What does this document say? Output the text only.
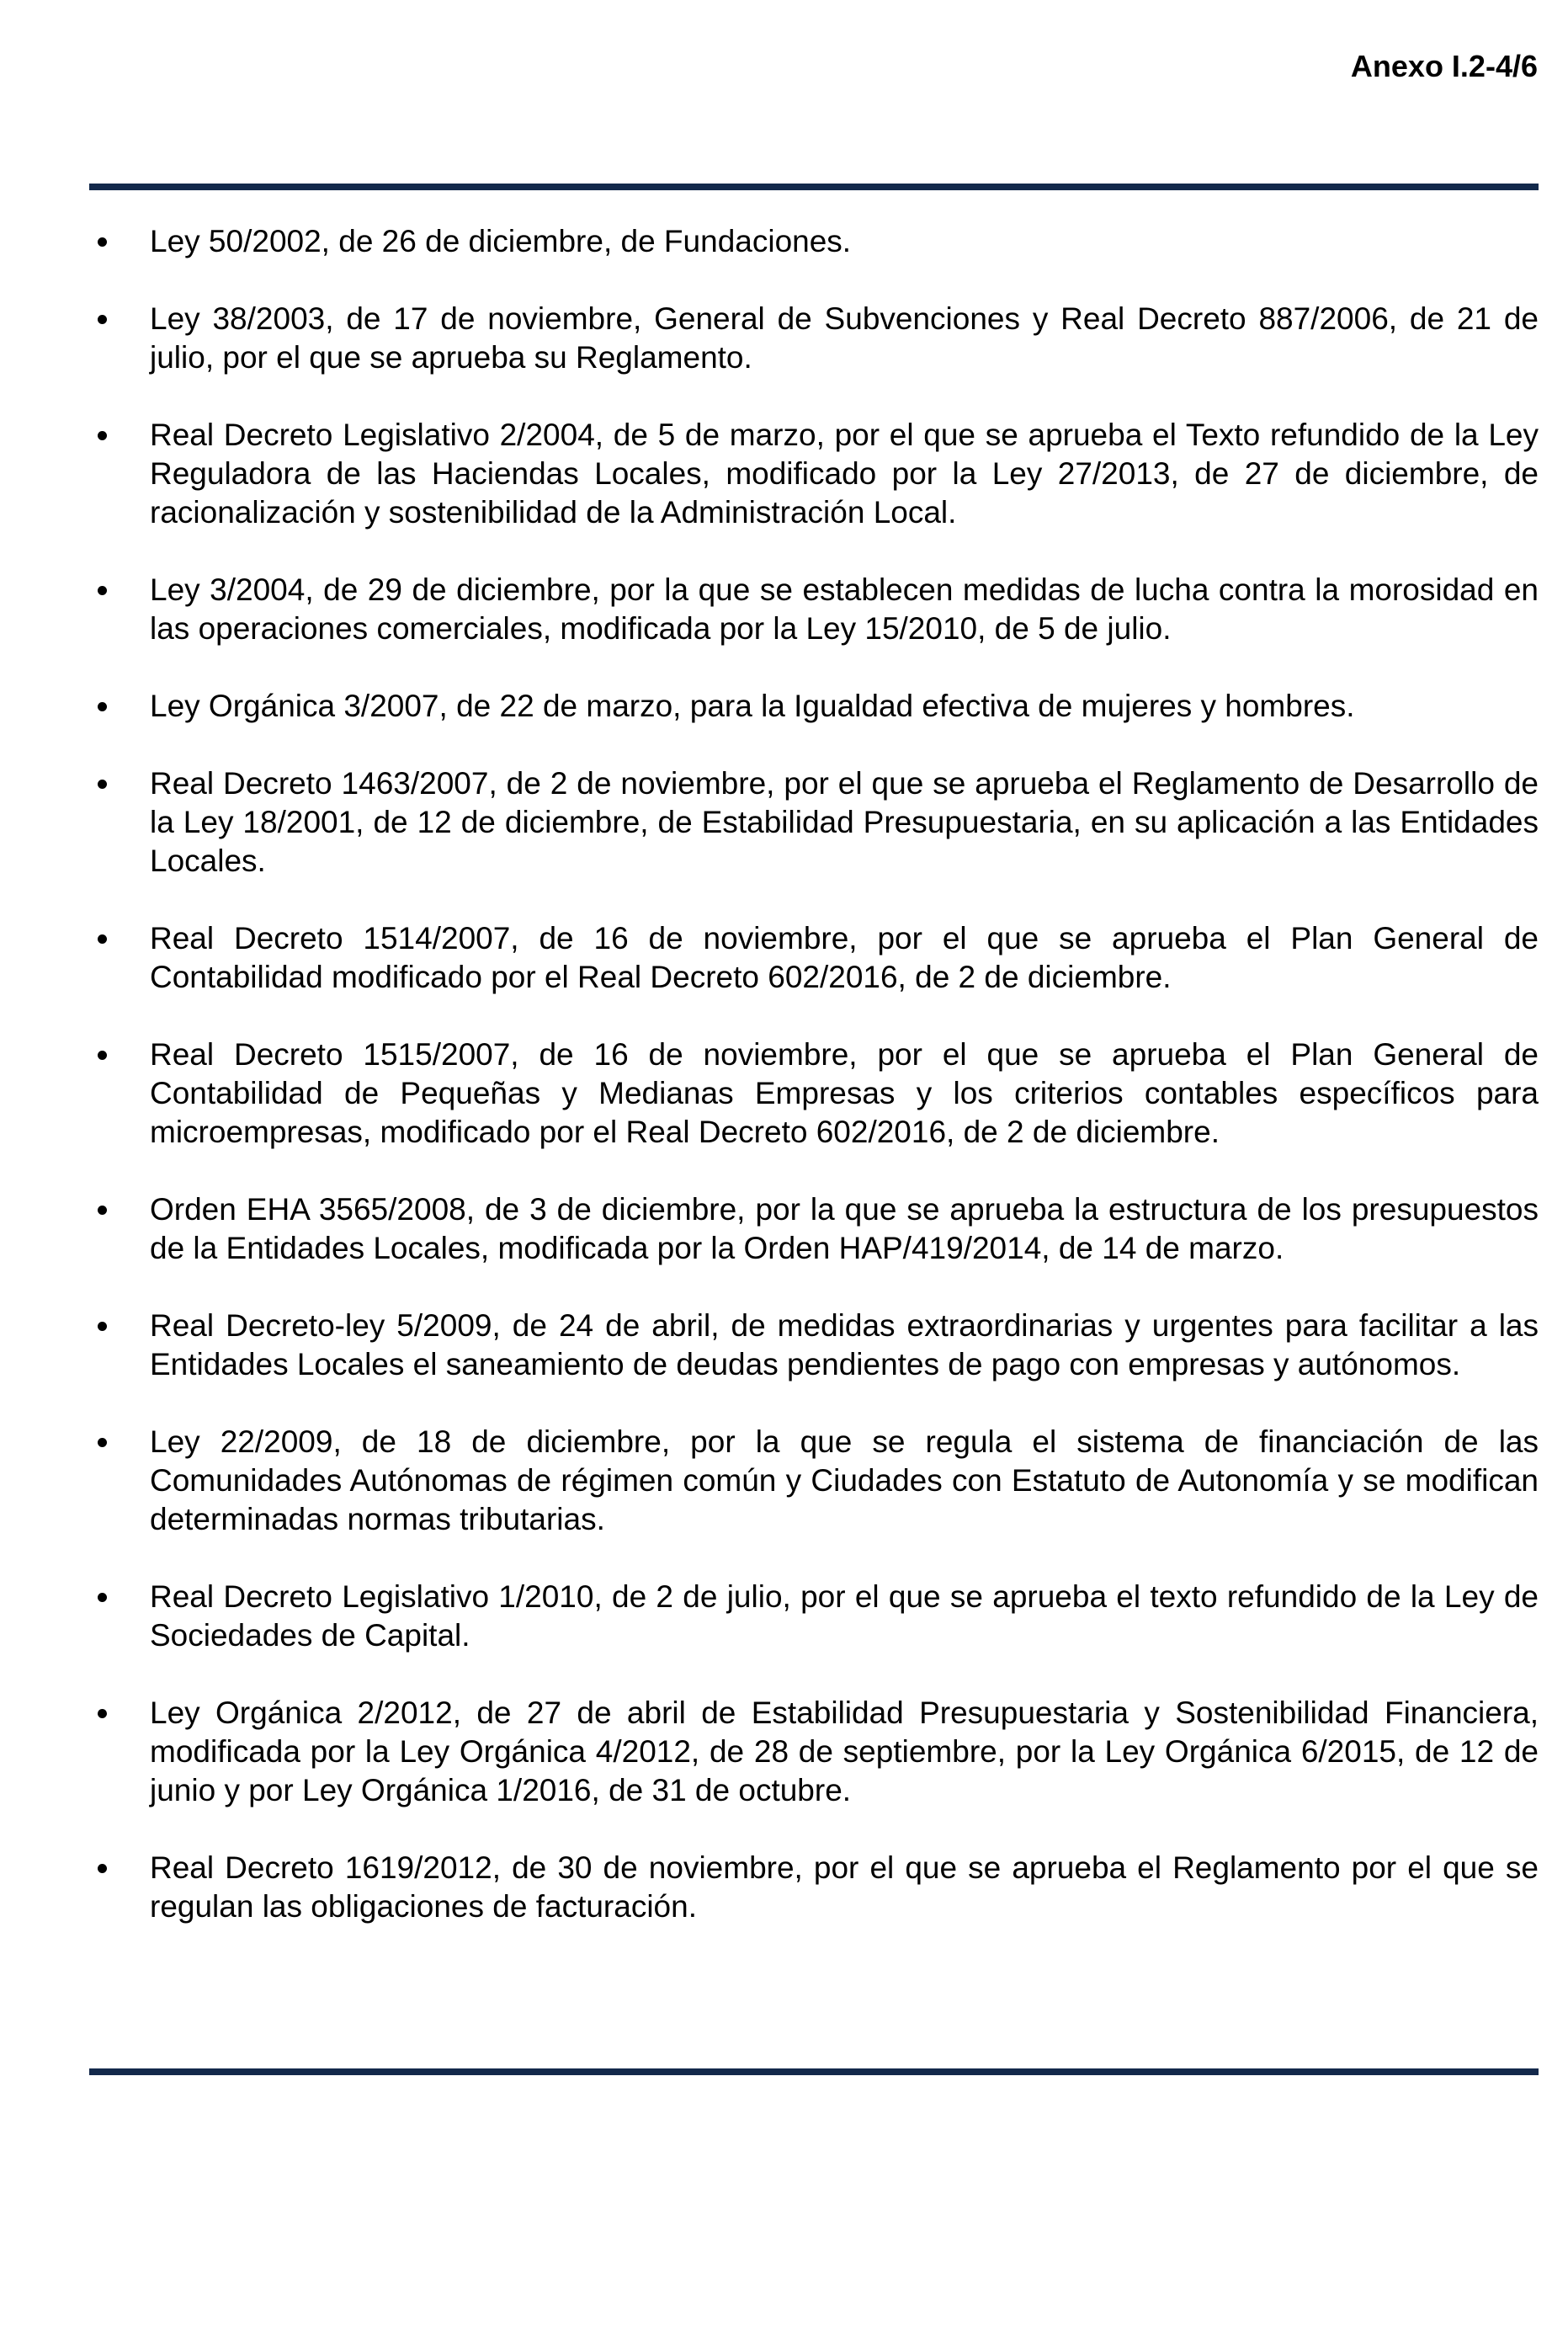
Anexo I.2-4/6
Ley 50/2002, de 26 de diciembre, de Fundaciones.
Ley 38/2003, de 17 de noviembre, General de Subvenciones y Real Decreto 887/2006, de 21 de julio, por el que se aprueba su Reglamento.
Real Decreto Legislativo 2/2004, de 5 de marzo, por el que se aprueba el Texto refundido de la Ley Reguladora de las Haciendas Locales, modificado por la Ley 27/2013, de 27 de diciembre, de racionalización y sostenibilidad de la Administración Local.
Ley 3/2004, de 29 de diciembre, por la que se establecen medidas de lucha contra la morosidad en las operaciones comerciales, modificada por la Ley 15/2010, de 5 de julio.
Ley Orgánica 3/2007, de 22 de marzo, para la Igualdad efectiva de mujeres y hombres.
Real Decreto 1463/2007, de 2 de noviembre, por el que se aprueba el Reglamento de Desarrollo de la Ley 18/2001, de 12 de diciembre, de Estabilidad Presupuestaria, en su aplicación a las Entidades Locales.
Real Decreto 1514/2007, de 16 de noviembre, por el que se aprueba el Plan General de Contabilidad modificado por el Real Decreto 602/2016, de 2 de diciembre.
Real Decreto 1515/2007, de 16 de noviembre, por el que se aprueba el Plan General de Contabilidad de Pequeñas y Medianas Empresas y los criterios contables específicos para microempresas, modificado por el Real Decreto 602/2016, de 2 de diciembre.
Orden EHA 3565/2008, de 3 de diciembre, por la que se aprueba la estructura de los presupuestos de la Entidades Locales, modificada por la Orden HAP/419/2014, de 14 de marzo.
Real Decreto-ley 5/2009, de 24 de abril, de medidas extraordinarias y urgentes para facilitar a las Entidades Locales el saneamiento de deudas pendientes de pago con empresas y autónomos.
Ley 22/2009, de 18 de diciembre, por la que se regula el sistema de financiación de las Comunidades Autónomas de régimen común y Ciudades con Estatuto de Autonomía y se modifican determinadas normas tributarias.
Real Decreto Legislativo 1/2010, de 2 de julio, por el que se aprueba el texto refundido de la Ley de Sociedades de Capital.
Ley Orgánica 2/2012, de 27 de abril de Estabilidad Presupuestaria y Sostenibilidad Financiera, modificada por la Ley Orgánica 4/2012, de 28 de septiembre, por la Ley Orgánica 6/2015, de 12 de junio y por Ley Orgánica 1/2016, de 31 de octubre.
Real Decreto 1619/2012, de 30 de noviembre, por el que se aprueba el Reglamento por el que se regulan las obligaciones de facturación.
